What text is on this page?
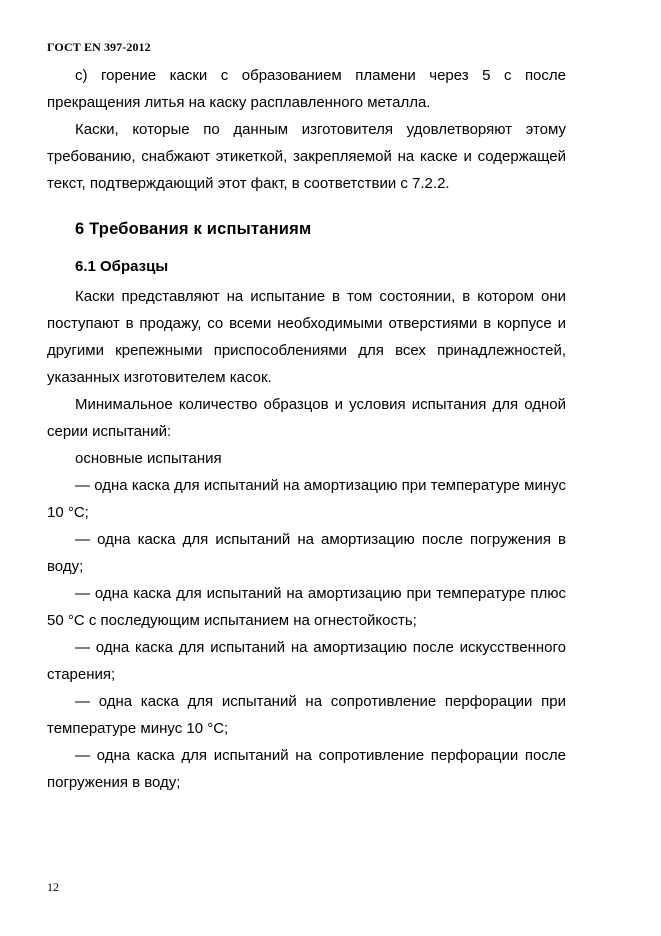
ГОСТ EN 397-2012

c) горение каски с образованием пламени через 5 с после прекращения литья на каску расплавленного металла.

Каски, которые по данным изготовителя удовлетворяют этому требованию, снабжают этикеткой, закрепляемой на каске и содержащей текст, подтверждающий этот факт, в соответствии с 7.2.2.

6 Требования к испытаниям
6.1 Образцы

Каски представляют на испытание в том состоянии, в котором они поступают в продажу, со всеми необходимыми отверстиями в корпусе и другими крепежными приспособлениями для всех принадлежностей, указанных изготовителем касок.

Минимальное количество образцов и условия испытания для одной серии испытаний:

основные испытания

— одна каска для испытаний на амортизацию при температуре минус 10 °С;

— одна каска для испытаний на амортизацию после погружения в воду;

— одна каска для испытаний на амортизацию при температуре плюс 50 °С с последующим испытанием на огнестойкость;

— одна каска для испытаний на амортизацию после искусственного старения;

— одна каска для испытаний на сопротивление перфорации при температуре минус 10 °С;

— одна каска для испытаний на сопротивление перфорации после погружения в воду;

12
